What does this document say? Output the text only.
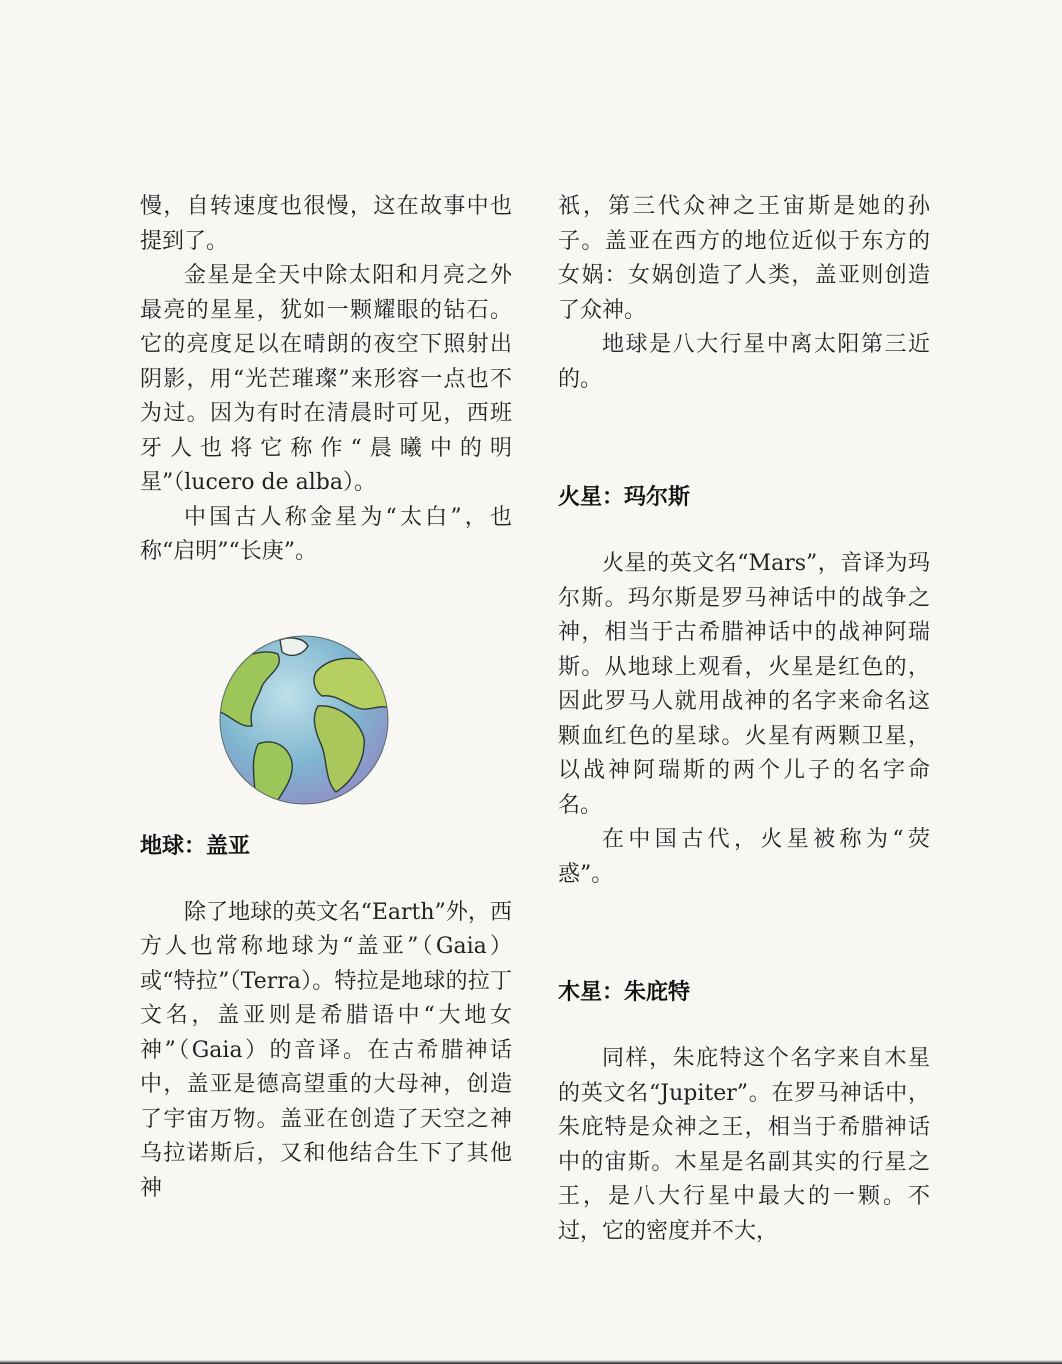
慢，自转速度也很慢，这在故事中也提到了。

金星是全天中除太阳和月亮之外最亮的星星，犹如一颗耀眼的钻石。它的亮度足以在晴朗的夜空下照射出阴影，用“光芒璀璨”来形容一点也不为过。因为有时在清晨时可见，西班牙人也将它称作“晨曦中的明星”（lucero de alba）。

中国古人称金星为“太白”，也称“启明”“长庚”。

地球：盖亚

除了地球的英文名“Earth”外，西方人也常称地球为“盖亚”（Gaia）或“特拉”（Terra）。特拉是地球的拉丁文名，盖亚则是希腊语中“大地女神”（Gaia）的音译。在古希腊神话中，盖亚是德高望重的大母神，创造了宇宙万物。盖亚在创造了天空之神乌拉诺斯后，又和他结合生下了其他神

祇，第三代众神之王宙斯是她的孙子。盖亚在西方的地位近似于东方的女娲：女娲创造了人类，盖亚则创造了众神。

地球是八大行星中离太阳第三近的。

火星：玛尔斯

火星的英文名“Mars”，音译为玛尔斯。玛尔斯是罗马神话中的战争之神，相当于古希腊神话中的战神阿瑞斯。从地球上观看，火星是红色的，因此罗马人就用战神的名字来命名这颗血红色的星球。火星有两颗卫星，以战神阿瑞斯的两个儿子的名字命名。

在中国古代，火星被称为“荧惑”。

木星：朱庇特

同样，朱庇特这个名字来自木星的英文名“Jupiter”。在罗马神话中，朱庇特是众神之王，相当于希腊神话中的宙斯。木星是名副其实的行星之王，是八大行星中最大的一颗。不过，它的密度并不大，
